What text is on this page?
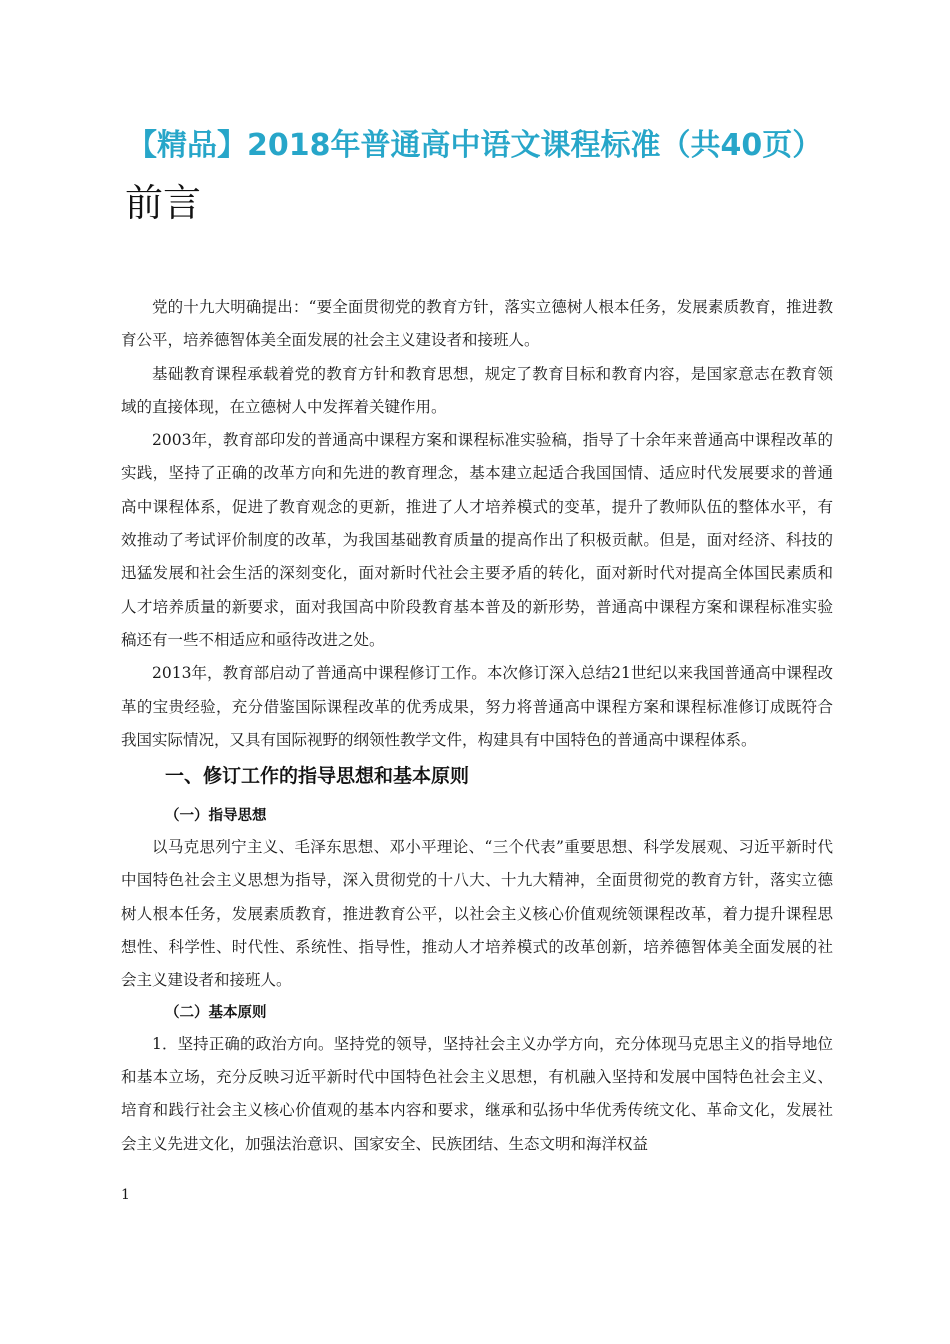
【精品】2018年普通高中语文课程标准（共40页）
前言

党的十九大明确提出：“要全面贯彻党的教育方针，落实立德树人根本任务，发展素质教育，推进教育公平，培养德智体美全面发展的社会主义建设者和接班人。

基础教育课程承载着党的教育方针和教育思想，规定了教育目标和教育内容，是国家意志在教育领域的直接体现，在立德树人中发挥着关键作用。

2003年，教育部印发的普通高中课程方案和课程标准实验稿，指导了十余年来普通高中课程改革的实践，坚持了正确的改革方向和先进的教育理念，基本建立起适合我国国情、适应时代发展要求的普通高中课程体系，促进了教育观念的更新，推进了人才培养模式的变革，提升了教师队伍的整体水平，有效推动了考试评价制度的改革，为我国基础教育质量的提高作出了积极贡献。但是，面对经济、科技的迅猛发展和社会生活的深刻变化，面对新时代社会主要矛盾的转化，面对新时代对提高全体国民素质和人才培养质量的新要求，面对我国高中阶段教育基本普及的新形势，普通高中课程方案和课程标准实验稿还有一些不相适应和亟待改进之处。

2013年，教育部启动了普通高中课程修订工作。本次修订深入总结21世纪以来我国普通高中课程改革的宝贵经验，充分借鉴国际课程改革的优秀成果，努力将普通高中课程方案和课程标准修订成既符合我国实际情况，又具有国际视野的纲领性教学文件，构建具有中国特色的普通高中课程体系。

一、修订工作的指导思想和基本原则
（一）指导思想

以马克思列宁主义、毛泽东思想、邓小平理论、“三个代表”重要思想、科学发展观、习近平新时代中国特色社会主义思想为指导，深入贯彻党的十八大、十九大精神，全面贯彻党的教育方针，落实立德树人根本任务，发展素质教育，推进教育公平，以社会主义核心价值观统领课程改革，着力提升课程思想性、科学性、时代性、系统性、指导性，推动人才培养模式的改革创新，培养德智体美全面发展的社会主义建设者和接班人。

（二）基本原则

1．坚持正确的政治方向。坚持党的领导，坚持社会主义办学方向，充分体现马克思主义的指导地位和基本立场，充分反映习近平新时代中国特色社会主义思想，有机融入坚持和发展中国特色社会主义、培育和践行社会主义核心价值观的基本内容和要求，继承和弘扬中华优秀传统文化、革命文化，发展社会主义先进文化，加强法治意识、国家安全、民族团结、生态文明和海洋权益

1
